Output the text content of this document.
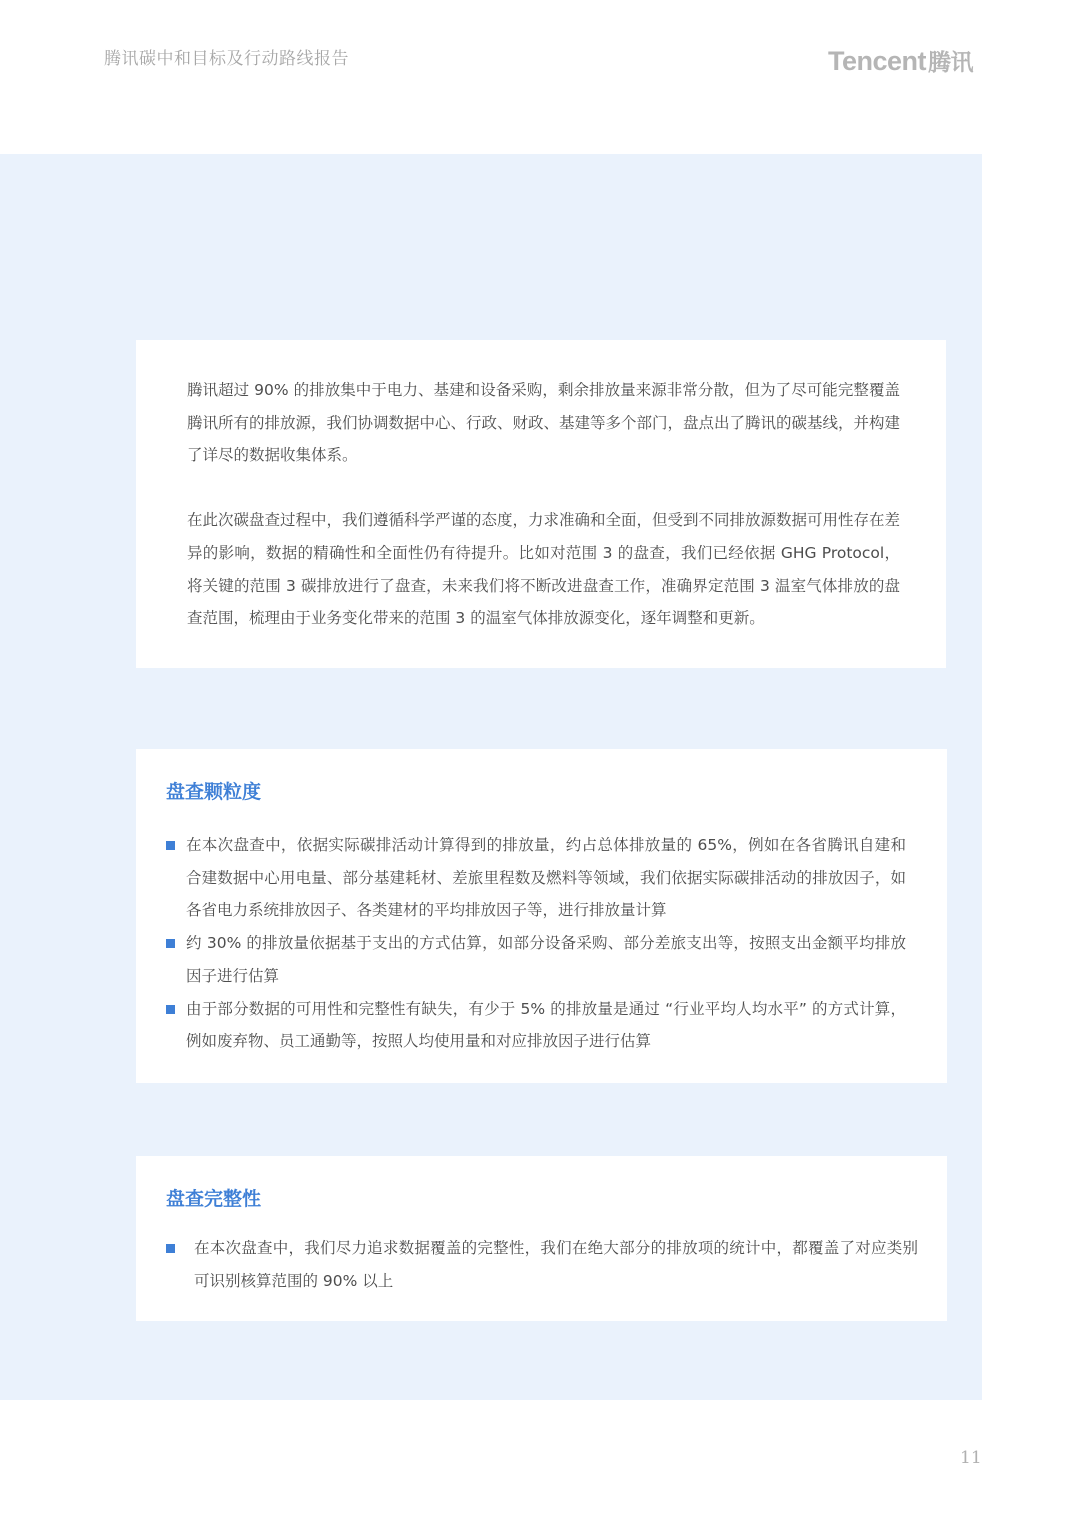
腾讯碳中和目标及行动路线报告	Tencent腾讯

腾讯超过 90% 的排放集中于电力、基建和设备采购，剩余排放量来源非常分散，但为了尽可能完整覆盖腾讯所有的排放源，我们协调数据中心、行政、财政、基建等多个部门，盘点出了腾讯的碳基线，并构建了详尽的数据收集体系。

在此次碳盘查过程中，我们遵循科学严谨的态度，力求准确和全面，但受到不同排放源数据可用性存在差异的影响，数据的精确性和全面性仍有待提升。比如对范围 3 的盘查，我们已经依据 GHG Protocol，将关键的范围 3 碳排放进行了盘查，未来我们将不断改进盘查工作，准确界定范围 3 温室气体排放的盘查范围，梳理由于业务变化带来的范围 3 的温室气体排放源变化，逐年调整和更新。

盘查颗粒度
在本次盘查中，依据实际碳排活动计算得到的排放量，约占总体排放量的 65%，例如在各省腾讯自建和合建数据中心用电量、部分基建耗材、差旅里程数及燃料等领域，我们依据实际碳排活动的排放因子，如各省电力系统排放因子、各类建材的平均排放因子等，进行排放量计算
约 30% 的排放量依据基于支出的方式估算，如部分设备采购、部分差旅支出等，按照支出金额平均排放因子进行估算
由于部分数据的可用性和完整性有缺失，有少于 5% 的排放量是通过 “行业平均人均水平” 的方式计算，例如废弃物、员工通勤等，按照人均使用量和对应排放因子进行估算
盘查完整性
在本次盘查中，我们尽力追求数据覆盖的完整性，我们在绝大部分的排放项的统计中，都覆盖了对应类别可识别核算范围的 90% 以上
11
